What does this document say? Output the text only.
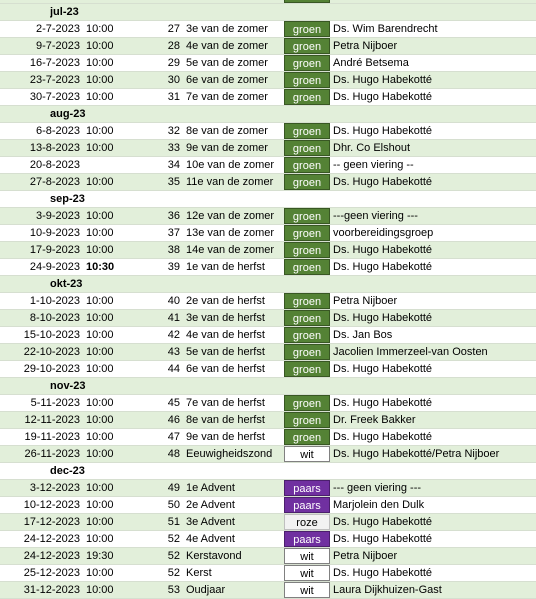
jul-23
2-7-2023 10:00	27 3e van de zomer	groen	Ds. Wim Barendrecht
9-7-2023 10:00	28 4e van de zomer	groen	Petra Nijboer
16-7-2023 10:00	29 5e van de zomer	groen	André Betsema
23-7-2023 10:00	30 6e van de zomer	groen	Ds. Hugo Habekotté
30-7-2023 10:00	31 7e van de zomer	groen	Ds. Hugo Habekotté
aug-23
6-8-2023 10:00	32 8e van de zomer	groen	Ds. Hugo Habekotté
13-8-2023 10:00	33 9e van de zomer	groen	Dhr. Co Elshout
20-8-2023	34 10e van de zomer	groen	-- geen viering --
27-8-2023 10:00	35 11e van de zomer	groen	Ds. Hugo Habekotté
sep-23
3-9-2023 10:00	36 12e van de zomer	groen	---geen viering ---
10-9-2023 10:00	37 13e van de zomer	groen	voorbereidingsgroep
17-9-2023 10:00	38 14e van de zomer	groen	Ds. Hugo Habekotté
24-9-2023 10:30	39 1e van de herfst	groen	Ds. Hugo Habekotté
okt-23
1-10-2023 10:00	40 2e van de herfst	groen	Petra Nijboer
8-10-2023 10:00	41 3e van de herfst	groen	Ds. Hugo Habekotté
15-10-2023 10:00	42 4e van de herfst	groen	Ds. Jan Bos
22-10-2023 10:00	43 5e van de herfst	groen	Jacolien Immerzeel-van Oosten
29-10-2023 10:00	44 6e van de herfst	groen	Ds. Hugo Habekotté
nov-23
5-11-2023 10:00	45 7e van de herfst	groen	Ds. Hugo Habekotté
12-11-2023 10:00	46 8e van de herfst	groen	Dr. Freek Bakker
19-11-2023 10:00	47 9e van de herfst	groen	Ds. Hugo Habekotté
26-11-2023 10:00	48 Eeuwigheidszond	wit	Ds. Hugo Habekotté/Petra Nijboer
dec-23
3-12-2023 10:00	49 1e Advent	paars	--- geen viering ---
10-12-2023 10:00	50 2e Advent	paars	Marjolein den Dulk
17-12-2023 10:00	51 3e Advent	roze	Ds. Hugo Habekotté
24-12-2023 10:00	52 4e Advent	paars	Ds. Hugo Habekotté
24-12-2023 19:30	52 Kerstavond	wit	Petra Nijboer
25-12-2023 10:00	52 Kerst	wit	Ds. Hugo Habekotté
31-12-2023 10:00	53 Oudjaar	wit	Laura Dijkhuizen-Gast
